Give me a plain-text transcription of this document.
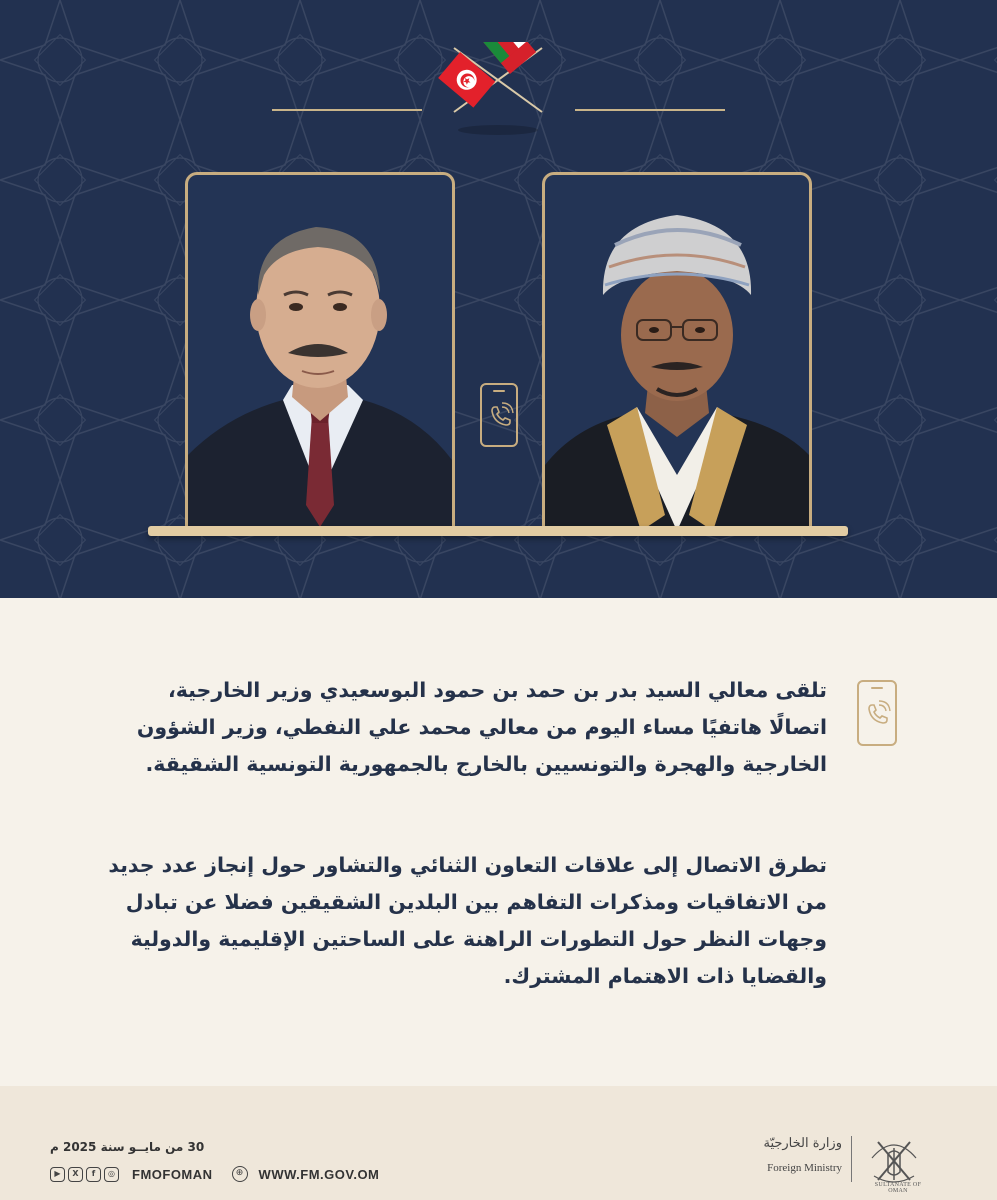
تلقى معالي السيد بدر بن حمد بن حمود البوسعيدي وزير الخارجية،
اتصالًا هاتفيًا مساء اليوم من معالي محمد علي النفطي، وزير الشؤون
الخارجية والهجرة والتونسيين بالخارج بالجمهورية التونسية الشقيقة.
تطرق الاتصال إلى علاقات التعاون الثنائي والتشاور حول إنجاز عدد جديد
من الاتفاقيات ومذكرات التفاهم بين البلدين الشقيقين فضلا عن تبادل
وجهات النظر حول التطورات الراهنة على الساحتين الإقليمية والدولية
والقضايا ذات الاهتمام المشترك.
30 من مايــو سنة 2025 م
▶	X	f	◎	FMOFOMAN	⊕	WWW.FM.GOV.OM
وزارة الخارجيّة
Foreign Ministry
SULTANATE OF OMAN
